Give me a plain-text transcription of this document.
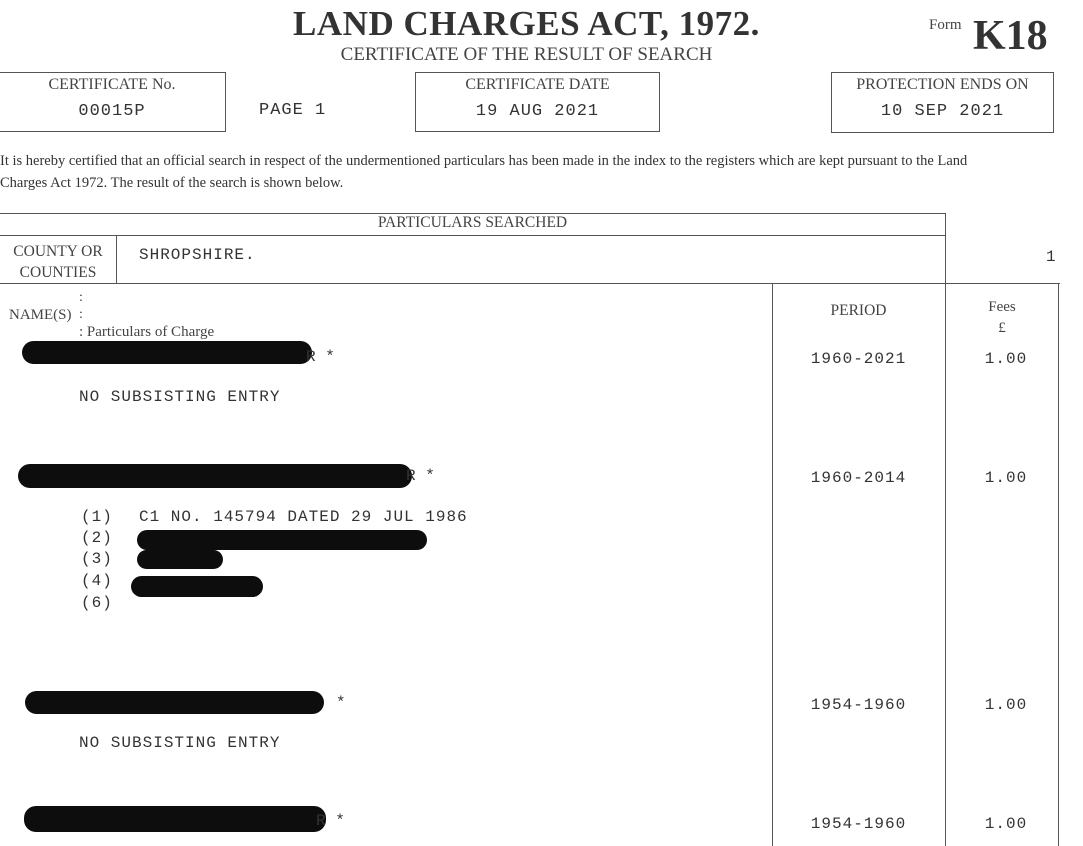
LAND CHARGES ACT, 1972.
CERTIFICATE OF THE RESULT OF SEARCH
Form K18
CERTIFICATE No.
00015P	PAGE 1
CERTIFICATE DATE
19 AUG 2021
PROTECTION ENDS ON
10 SEP 2021
It is hereby certified that an official search in respect of the undermentioned particulars has been made in the index to the registers which are kept pursuant to the Land Charges Act 1972. The result of the search is shown below.
PARTICULARS SEARCHED
COUNTY OR COUNTIES
SHROPSHIRE.	1
:
NAME(S) :
: Particulars of Charge
PERIOD	Fees
£
R *	1960-2021	1.00
NO SUBSISTING ENTRY
R *	1960-2014	1.00
(1) C1 NO. 145794 DATED 29 JUL 1986
(2)
(3)
(4)
(6)
*	1954-1960	1.00
NO SUBSISTING ENTRY
R *	1954-1960	1.00
